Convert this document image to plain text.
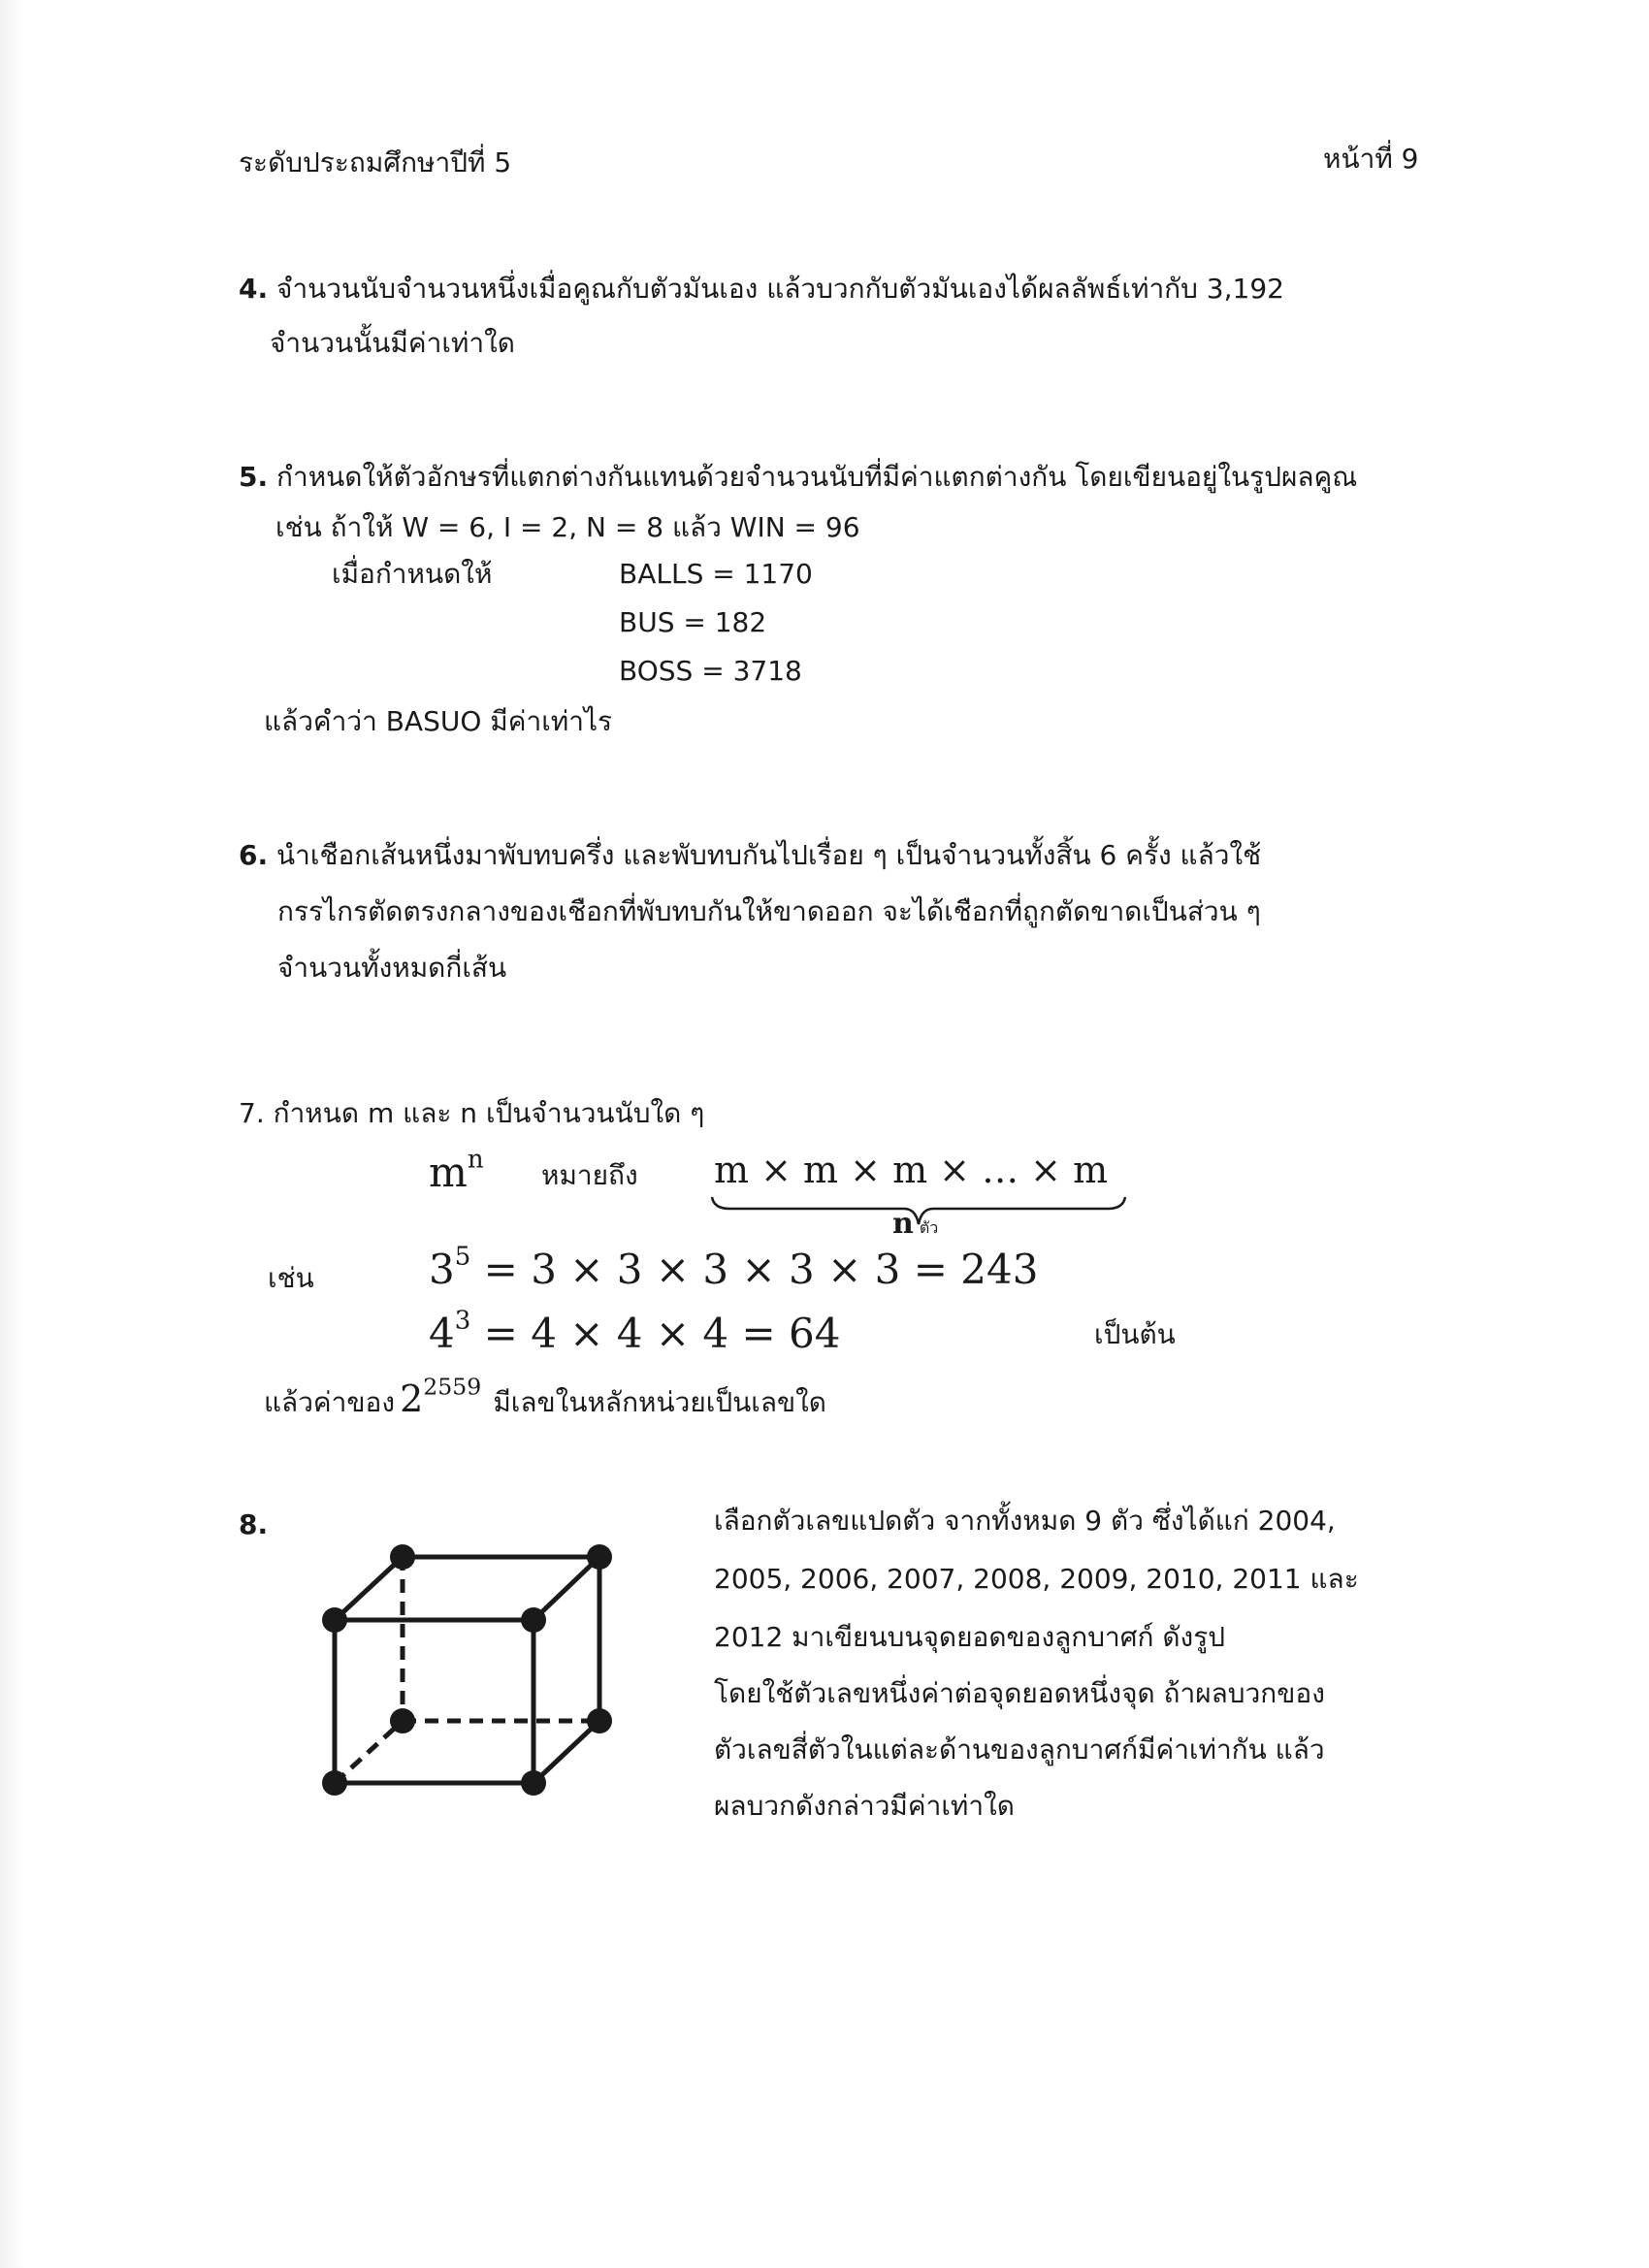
ระดับประถมศึกษาปีที่ 5	หน้าที่ 9
4. จำนวนนับจำนวนหนึ่งเมื่อคูณกับตัวมันเอง แล้วบวกกับตัวมันเองได้ผลลัพธ์เท่ากับ 3,192
จำนวนนั้นมีค่าเท่าใด
5. กำหนดให้ตัวอักษรที่แตกต่างกันแทนด้วยจำนวนนับที่มีค่าแตกต่างกัน โดยเขียนอยู่ในรูปผลคูณ
เช่น ถ้าให้ W = 6, I = 2, N = 8 แล้ว WIN = 96
เมื่อกำหนดให้	BALLS = 1170
BUS = 182
BOSS = 3718
แล้วคำว่า BASUO มีค่าเท่าไร
6. นำเชือกเส้นหนึ่งมาพับทบครึ่ง และพับทบกันไปเรื่อย ๆ เป็นจำนวนทั้งสิ้น 6 ครั้ง แล้วใช้
กรรไกรตัดตรงกลางของเชือกที่พับทบกันให้ขาดออก จะได้เชือกที่ถูกตัดขาดเป็นส่วน ๆ
จำนวนทั้งหมดกี่เส้น
7. กำหนด m และ n เป็นจำนวนนับใด ๆ
$m^n$ หมายถึง m × m × m × … × m
nตัว
เช่น	$3^5 = 3 \times 3 \times 3 \times 3 \times 3 = 243$
$4^3 = 4 \times 4 \times 4 = 64$	เป็นต้น
แล้วค่าของ $2^{2559}$ มีเลขในหลักหน่วยเป็นเลขใด
8.	เลือกตัวเลขแปดตัว จากทั้งหมด 9 ตัว ซึ่งได้แก่ 2004,
2005, 2006, 2007, 2008, 2009, 2010, 2011 และ
2012 มาเขียนบนจุดยอดของลูกบาศก์ ดังรูป
โดยใช้ตัวเลขหนึ่งค่าต่อจุดยอดหนึ่งจุด ถ้าผลบวกของ
ตัวเลขสี่ตัวในแต่ละด้านของลูกบาศก์มีค่าเท่ากัน แล้ว
ผลบวกดังกล่าวมีค่าเท่าใด
